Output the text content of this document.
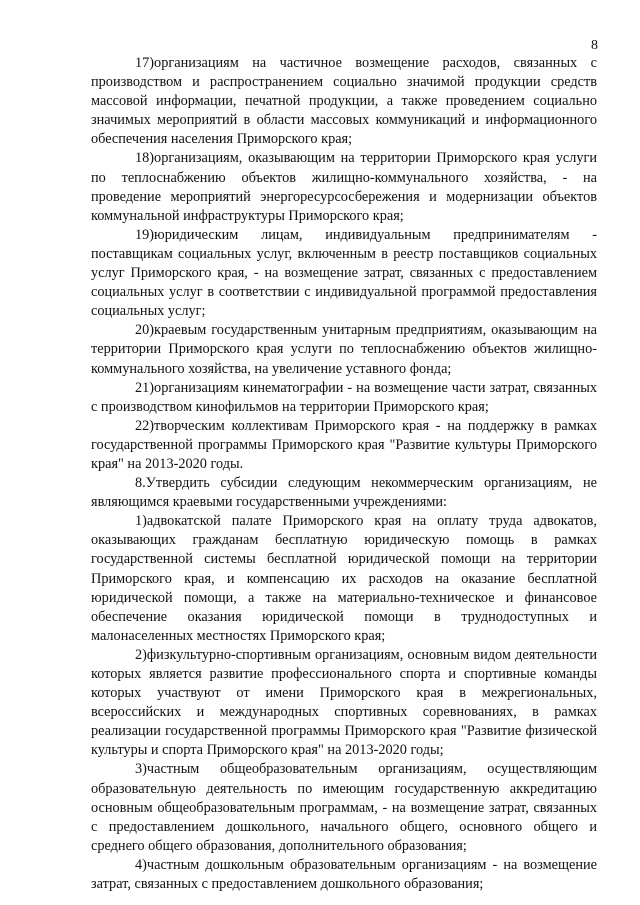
8

17)организациям на частичное возмещение расходов, связанных с производством и распространением социально значимой продукции средств массовой информации, печатной продукции, а также проведением социально значимых мероприятий в области массовых коммуникаций и информационного обеспечения населения Приморского края;

18)организациям, оказывающим на территории Приморского края услуги по теплоснабжению объектов жилищно-коммунального хозяйства, - на проведение мероприятий энергоресурсосбережения и модернизации объектов коммунальной инфраструктуры Приморского края;

19)юридическим лицам, индивидуальным предпринимателям - поставщикам социальных услуг, включенным в реестр поставщиков социальных услуг Приморского края, - на возмещение затрат, связанных с предоставлением социальных услуг в соответствии с индивидуальной программой предоставления социальных услуг;

20)краевым государственным унитарным предприятиям, оказывающим на территории Приморского края услуги по теплоснабжению объектов жилищно-коммунального хозяйства, на увеличение уставного фонда;

21)организациям кинематографии - на возмещение части затрат, связанных с производством кинофильмов на территории Приморского края;

22)творческим коллективам Приморского края - на поддержку в рамках государственной программы Приморского края "Развитие культуры Приморского края" на 2013-2020 годы.

8.Утвердить субсидии следующим некоммерческим организациям, не являющимся краевыми государственными учреждениями:

1)адвокатской палате Приморского края на оплату труда адвокатов, оказывающих гражданам бесплатную юридическую помощь в рамках государственной системы бесплатной юридической помощи на территории Приморского края, и компенсацию их расходов на оказание бесплатной юридической помощи, а также на материально-техническое и финансовое обеспечение оказания юридической помощи в труднодоступных и малонаселенных местностях Приморского края;

2)физкультурно-спортивным организациям, основным видом деятельности которых является развитие профессионального спорта и спортивные команды которых участвуют от имени Приморского края в межрегиональных, всероссийских и международных спортивных соревнованиях, в рамках реализации государственной программы Приморского края "Развитие физической культуры и спорта Приморского края" на 2013-2020 годы;

3)частным общеобразовательным организациям, осуществляющим образовательную деятельность по имеющим государственную аккредитацию основным общеобразовательным программам, - на возмещение затрат, связанных с предоставлением дошкольного, начального общего, основного общего и среднего общего образования, дополнительного образования;

4)частным дошкольным образовательным организациям - на возмещение затрат, связанных с предоставлением дошкольного образования;
